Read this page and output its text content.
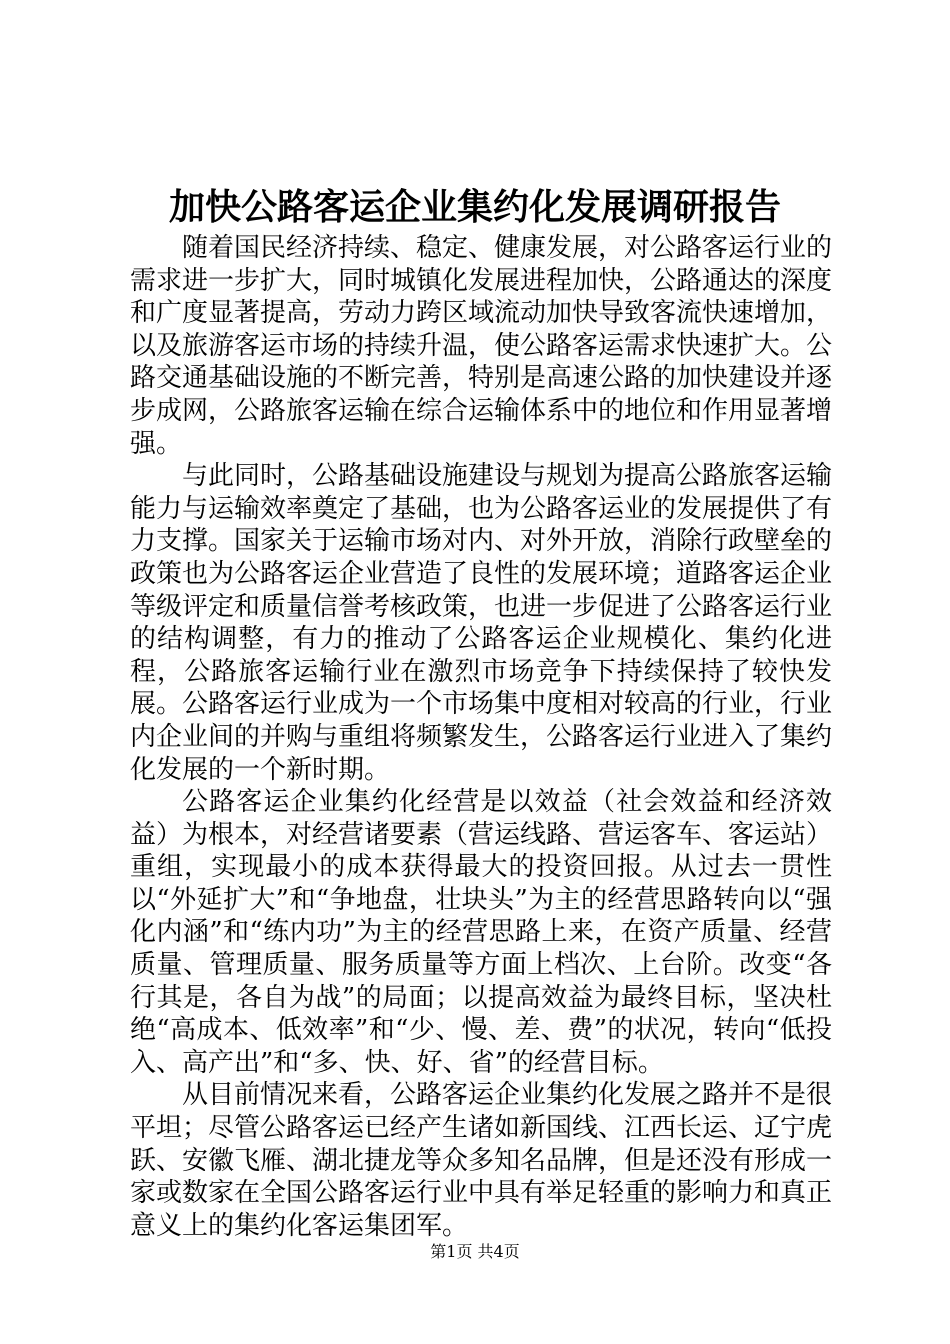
加快公路客运企业集约化发展调研报告

随着国民经济持续、稳定、健康发展，对公路客运行业的需求进一步扩大，同时城镇化发展进程加快，公路通达的深度和广度显著提高，劳动力跨区域流动加快导致客流快速增加，以及旅游客运市场的持续升温，使公路客运需求快速扩大。公路交通基础设施的不断完善，特别是高速公路的加快建设并逐步成网，公路旅客运输在综合运输体系中的地位和作用显著增强。

与此同时，公路基础设施建设与规划为提高公路旅客运输能力与运输效率奠定了基础，也为公路客运业的发展提供了有力支撑。国家关于运输市场对内、对外开放，消除行政壁垒的政策也为公路客运企业营造了良性的发展环境；道路客运企业等级评定和质量信誉考核政策，也进一步促进了公路客运行业的结构调整，有力的推动了公路客运企业规模化、集约化进程，公路旅客运输行业在激烈市场竞争下持续保持了较快发展。公路客运行业成为一个市场集中度相对较高的行业，行业内企业间的并购与重组将频繁发生，公路客运行业进入了集约化发展的一个新时期。

公路客运企业集约化经营是以效益（社会效益和经济效益）为根本，对经营诸要素（营运线路、营运客车、客运站）重组，实现最小的成本获得最大的投资回报。从过去一贯性以“外延扩大”和“争地盘，壮块头”为主的经营思路转向以“强化内涵”和“练内功”为主的经营思路上来，在资产质量、经营质量、管理质量、服务质量等方面上档次、上台阶。改变“各行其是，各自为战”的局面；以提高效益为最终目标，坚决杜绝“高成本、低效率”和“少、慢、差、费”的状况，转向“低投入、高产出”和“多、快、好、省”的经营目标。

从目前情况来看，公路客运企业集约化发展之路并不是很平坦；尽管公路客运已经产生诸如新国线、江西长运、辽宁虎跃、安徽飞雁、湖北捷龙等众多知名品牌，但是还没有形成一家或数家在全国公路客运行业中具有举足轻重的影响力和真正意义上的集约化客运集团军。

第1页 共4页
